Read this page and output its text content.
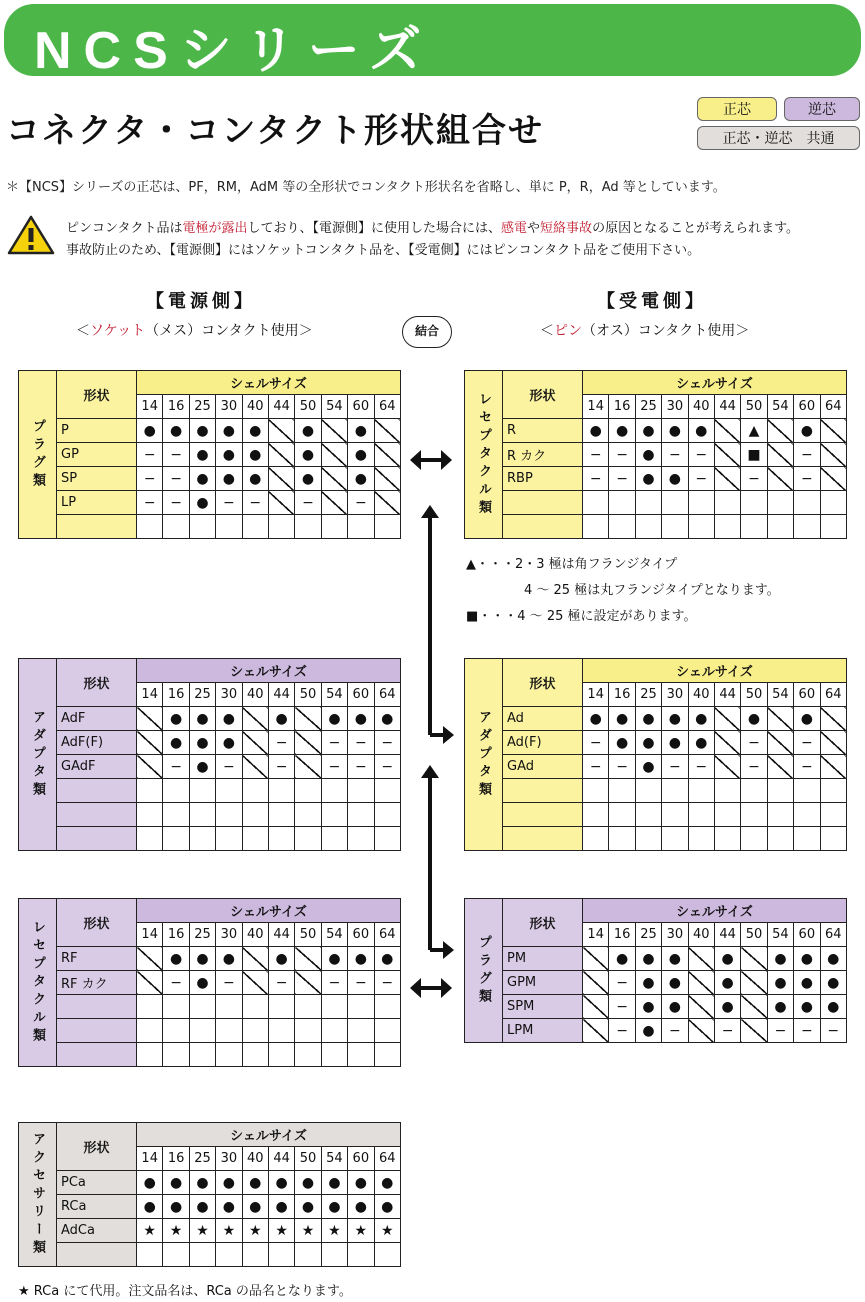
NCSシリーズ
コネクタ・コンタクト形状組合せ
正芯	逆芯
正芯・逆芯　共通
＊【NCS】シリーズの正芯は、PF，RM，AdM 等の全形状でコンタクト形状名を省略し、単に P，R，Ad 等としています。
ピンコンタクト品は電極が露出しており、【電源側】に使用した場合には、感電や短絡事故の原因となることが考えられます。
事故防止のため、【電源側】にはソケットコンタクト品を、【受電側】にはピンコンタクト品をご使用下さい。
【電源側】
＜ソケット（メス）コンタクト使用＞
【受電側】
＜ピン（オス）コンタクト使用＞
結合
プラグ類	形状	シェルサイズ									
		14	16	25	30	40	44	50	54	60	64
	P	●	●	●	●	●		●		●	
	GP	−	−	●	●	●		●		●	
	SP	−	−	●	●	●		●		●	
	LP	−	−	●	−	−		−		−	
											レセプタクル類	形状	シェルサイズ									
		14	16	25	30	40	44	50	54	60	64
	R	●	●	●	●	●		▲		●	
	R カク	−	−	●	−	−		■		−	
	RBP	−	−	●	●	−		−		−	

アダプタ類	形状	シェルサイズ									
		14	16	25	30	40	44	50	54	60	64
	AdF		●	●	●		●		●	●	●
	AdF(F)		●	●	●		−		−	−	−
	GAdF		−	●	−		−		−	−	−

											アダプタ類	形状	シェルサイズ									
		14	16	25	30	40	44	50	54	60	64
	Ad	●	●	●	●	●		●		●	
	Ad(F)	−	●	●	●	●		−		−	
	GAd	−	−	●	−	−		−		−	

レセプタクル類	形状	シェルサイズ									
		14	16	25	30	40	44	50	54	60	64
	RF		●	●	●		●		●	●	●
	RF カク		−	●	−		−		−	−	−

											プラグ類	形状	シェルサイズ									
		14	16	25	30	40	44	50	54	60	64
	PM		●	●	●		●		●	●	●
	GPM		−	●	●		●		●	●	●
	SPM		−	●	●		●		●	●	●
	LPM		−	●	−		−		−	−	−
アクセサリー類	形状	シェルサイズ									
		14	16	25	30	40	44	50	54	60	64
	PCa	●	●	●	●	●	●	●	●	●	●
	RCa	●	●	●	●	●	●	●	●	●	●
	AdCa	★	★	★	★	★	★	★	★	★	★

▲・・・2・3 極は角フランジタイプ
4 〜 25 極は丸フランジタイプとなります。
■・・・4 〜 25 極に設定があります。
★ RCa にて代用。注文品名は、RCa の品名となります。
